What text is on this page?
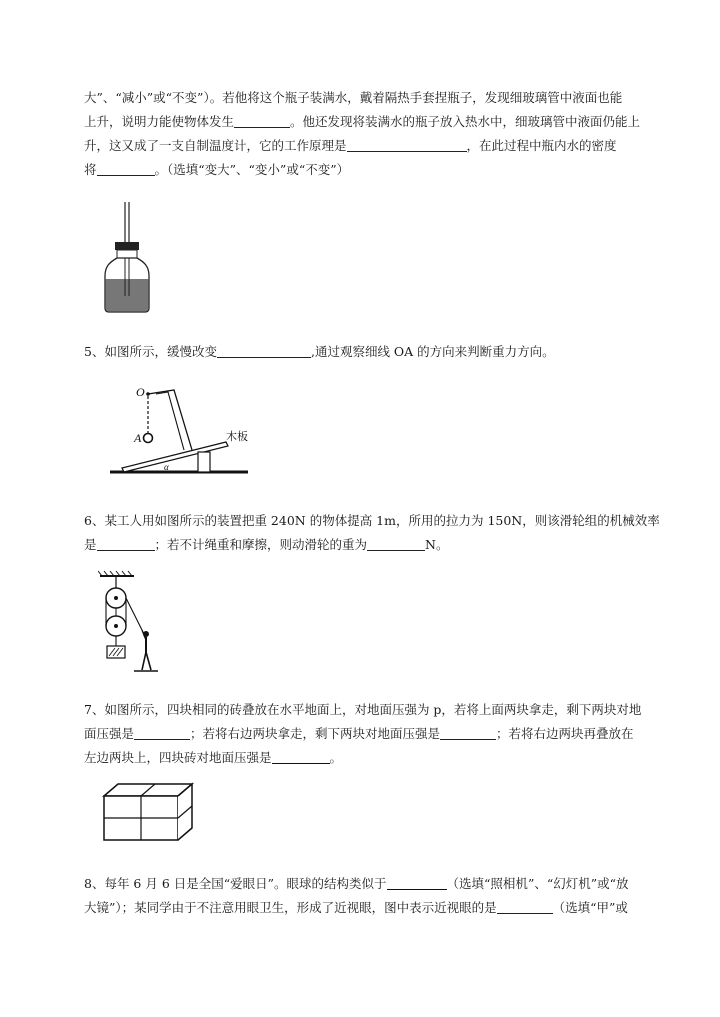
大”、“减小”或“不变”）。若他将这个瓶子装满水，戴着隔热手套捏瓶子，发现细玻璃管中液面也能
上升，说明力能使物体发生	。他还发现将装满水的瓶子放入热水中，细玻璃管中液面仍能上
升，这又成了一支自制温度计，它的工作原理是	，在此过程中瓶内水的密度
将	。（选填“变大”、“变小”或“不变”）
5、如图所示，缓慢改变	,通过观察细线 OA 的方向来判断重力方向。
O
A	木板
α
6、某工人用如图所示的装置把重 240N 的物体提高 1m，所用的拉力为 150N，则该滑轮组的机械效率
是	；若不计绳重和摩擦，则动滑轮的重为	N。
7、如图所示，四块相同的砖叠放在水平地面上，对地面压强为 p，若将上面两块拿走，剩下两块对地
面压强是	；若将右边两块拿走，剩下两块对地面压强是	；若将右边两块再叠放在
左边两块上，四块砖对地面压强是	。
8、每年 6 月 6 日是全国“爱眼日”。眼球的结构类似于	（选填“照相机”、“幻灯机”或“放
大镜”）；某同学由于不注意用眼卫生，形成了近视眼，图中表示近视眼的是	（选填“甲”或
